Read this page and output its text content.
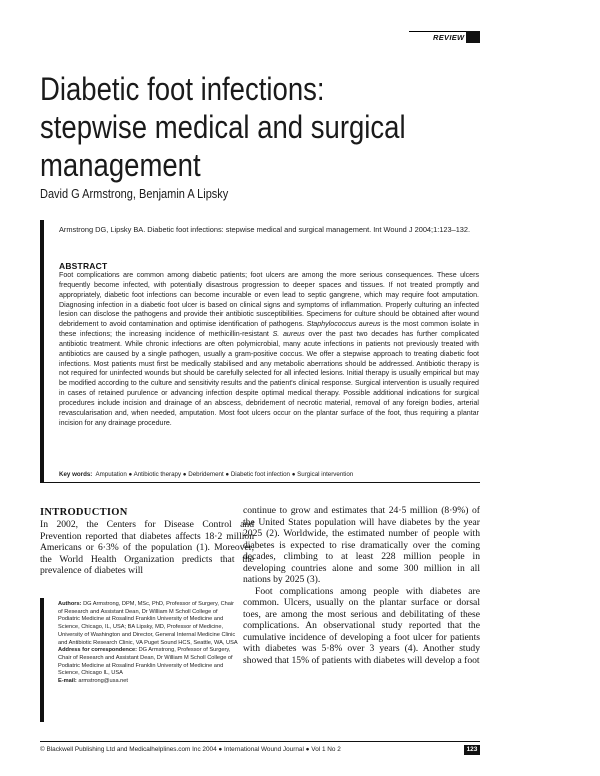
REVIEW
Diabetic foot infections: stepwise medical and surgical management
David G Armstrong, Benjamin A Lipsky
Armstrong DG, Lipsky BA. Diabetic foot infections: stepwise medical and surgical management. Int Wound J 2004;1:123–132.
ABSTRACT
Foot complications are common among diabetic patients; foot ulcers are among the more serious consequences. These ulcers frequently become infected, with potentially disastrous progression to deeper spaces and tissues. If not treated promptly and appropriately, diabetic foot infections can become incurable or even lead to septic gangrene, which may require foot amputation. Diagnosing infection in a diabetic foot ulcer is based on clinical signs and symptoms of inflammation. Properly culturing an infected lesion can disclose the pathogens and provide their antibiotic susceptibilities. Specimens for culture should be obtained after wound debridement to avoid contamination and optimise identification of pathogens. Staphylococcus aureus is the most common isolate in these infections; the increasing incidence of methicillin-resistant S. aureus over the past two decades has further complicated antibiotic treatment. While chronic infections are often polymicrobial, many acute infections in patients not previously treated with antibiotics are caused by a single pathogen, usually a gram-positive coccus. We offer a stepwise approach to treating diabetic foot infections. Most patients must first be medically stabilised and any metabolic aberrations should be addressed. Antibiotic therapy is not required for uninfected wounds but should be carefully selected for all infected lesions. Initial therapy is usually empirical but may be modified according to the culture and sensitivity results and the patient's clinical response. Surgical intervention is usually required in cases of retained purulence or advancing infection despite optimal medical therapy. Possible additional indications for surgical procedures include incision and drainage of an abscess, debridement of necrotic material, removal of any foreign bodies, arterial revascularisation and, when needed, amputation. Most foot ulcers occur on the plantar surface of the foot, thus requiring a plantar incision for any drainage procedure.
Key words: Amputation ● Antibiotic therapy ● Debridement ● Diabetic foot infection ● Surgical intervention
INTRODUCTION
In 2002, the Centers for Disease Control and Prevention reported that diabetes affects 18·2 million Americans or 6·3% of the population (1). Moreover, the World Health Organization predicts that the prevalence of diabetes will

continue to grow and estimates that 24·5 million (8·9%) of the United States population will have diabetes by the year 2025 (2). Worldwide, the estimated number of people with diabetes is expected to rise dramatically over the coming decades, climbing to at least 228 million people in developing countries alone and some 300 million in all nations by 2025 (3).

Foot complications among people with diabetes are common. Ulcers, usually on the plantar surface or dorsal toes, are among the most serious and debilitating of these complications. An observational study reported that the cumulative incidence of developing a foot ulcer for patients with diabetes was 5·8% over 3 years (4). Another study showed that 15% of patients with diabetes will develop a foot

Authors: DG Armstrong, DPM, MSc, PhD, Professor of Surgery, Chair of Research and Assistant Dean, Dr William M Scholl College of Podiatric Medicine at Rosalind Franklin University of Medicine and Science, Chicago, IL, USA; BA Lipsky, MD, Professor of Medicine, University of Washington and Director, General Internal Medicine Clinic and Antibiotic Research Clinic, VA Puget Sound HCS, Seattle, WA, USA
Address for correspondence: DG Armstrong, Professor of Surgery, Chair of Research and Assistant Dean, Dr William M Scholl College of Podiatric Medicine at Rosalind Franklin University of Medicine and Science, Chicago IL, USA
E-mail: armstrong@usa.net
© Blackwell Publishing Ltd and Medicalhelplines.com Inc 2004 ● International Wound Journal ● Vol 1 No 2	123
